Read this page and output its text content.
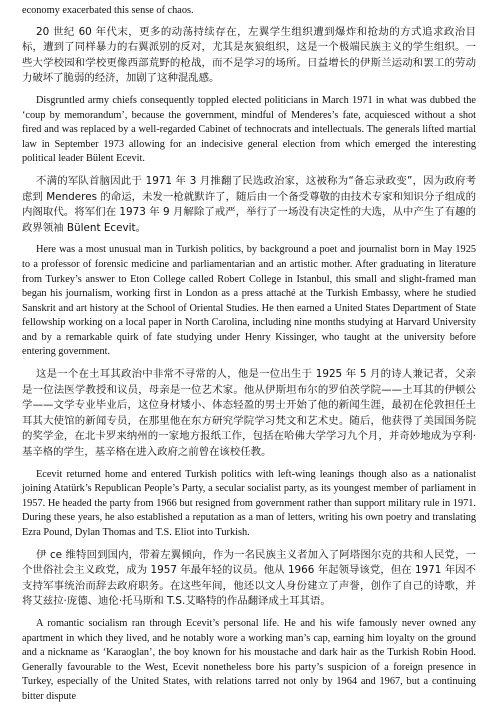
economy exacerbated this sense of chaos.

20 世纪 60 年代末，更多的动荡持续存在，左翼学生组织遭到爆炸和抢劫的方式追求政治目标，遭到了同样暴力的右翼派别的反对，尤其是灰狼组织，这是一个极端民族主义的学生组织。一些大学校园和学校更像西部荒野的枪战，而不是学习的场所。日益增长的伊斯兰运动和罢工的劳动力破坏了脆弱的经济，加剧了这种混乱感。

Disgruntled army chiefs consequently toppled elected politicians in March 1971 in what was dubbed the ‘coup by memorandum’, because the government, mindful of Menderes’s fate, acquiesced without a shot fired and was replaced by a well-regarded Cabinet of technocrats and intellectuals. The generals lifted martial law in September 1973 allowing for an indecisive general election from which emerged the interesting political leader Bülent Ecevit.

不满的军队首脑因此于 1971 年 3 月推翻了民选政治家，这被称为“备忘录政变”，因为政府考虑到 Menderes 的命运，未发一枪就默许了，随后由一个备受尊敬的由技术专家和知识分子组成的内阁取代。将军们在 1973 年 9 月解除了戒严，举行了一场没有决定性的大选，从中产生了有趣的政界领袖 Bülent Ecevit。

Here was a most unusual man in Turkish politics, by background a poet and journalist born in May 1925 to a professor of forensic medicine and parliamentarian and an artistic mother. After graduating in literature from Turkey’s answer to Eton College called Robert College in Istanbul, this small and slight-framed man began his journalism, working first in London as a press attaché at the Turkish Embassy, where he studied Sanskrit and art history at the School of Oriental Studies. He then earned a United States Department of State fellowship working on a local paper in North Carolina, including nine months studying at Harvard University and by a remarkable quirk of fate studying under Henry Kissinger, who taught at the university before entering government.

这是一个在土耳其政治中非常不寻常的人，他是一位出生于 1925 年 5 月的诗人兼记者，父亲是一位法医学教授和议员，母亲是一位艺术家。他从伊斯坦布尔的罗伯茨学院——土耳其的伊顿公学——文学专业毕业后，这位身材矮小、体态轻盈的男士开始了他的新闻生涯，最初在伦敦担任土耳其大使馆的新闻专员，在那里他在东方研究学院学习梵文和艺术史。随后，他获得了美国国务院的奖学金，在北卡罗来纳州的一家地方报纸工作，包括在哈佛大学学习九个月，并奇妙地成为亨利·基辛格的学生，基辛格在进入政府之前曾在该校任教。

Ecevit returned home and entered Turkish politics with left-wing leanings though also as a nationalist joining Atatürk’s Republican People’s Party, a secular socialist party, as its youngest member of parliament in 1957. He headed the party from 1966 but resigned from government rather than support military rule in 1971. During these years, he also established a reputation as a man of letters, writing his own poetry and translating Ezra Pound, Dylan Thomas and T.S. Eliot into Turkish.

伊 ce 维特回到国内，带着左翼倾向，作为一名民族主义者加入了阿塔图尔克的共和人民党，一个世俗社会主义政党，成为 1957 年最年轻的议员。他从 1966 年起领导该党，但在 1971 年因不支持军事统治而辞去政府职务。在这些年间，他还以文人身份建立了声誉，创作了自己的诗歌，并将艾兹拉·庞德、迪伦·托马斯和 T.S.艾略特的作品翻译成土耳其语。

A romantic socialism ran through Ecevit’s personal life. He and his wife famously never owned any apartment in which they lived, and he notably wore a working man’s cap, earning him loyalty on the ground and a nickname as ‘Karaoglan’, the boy known for his moustache and dark hair as the Turkish Robin Hood. Generally favourable to the West, Ecevit nonetheless bore his party’s suspicion of a foreign presence in Turkey, especially of the United States, with relations tarred not only by 1964 and 1967, but a continuing bitter dispute
